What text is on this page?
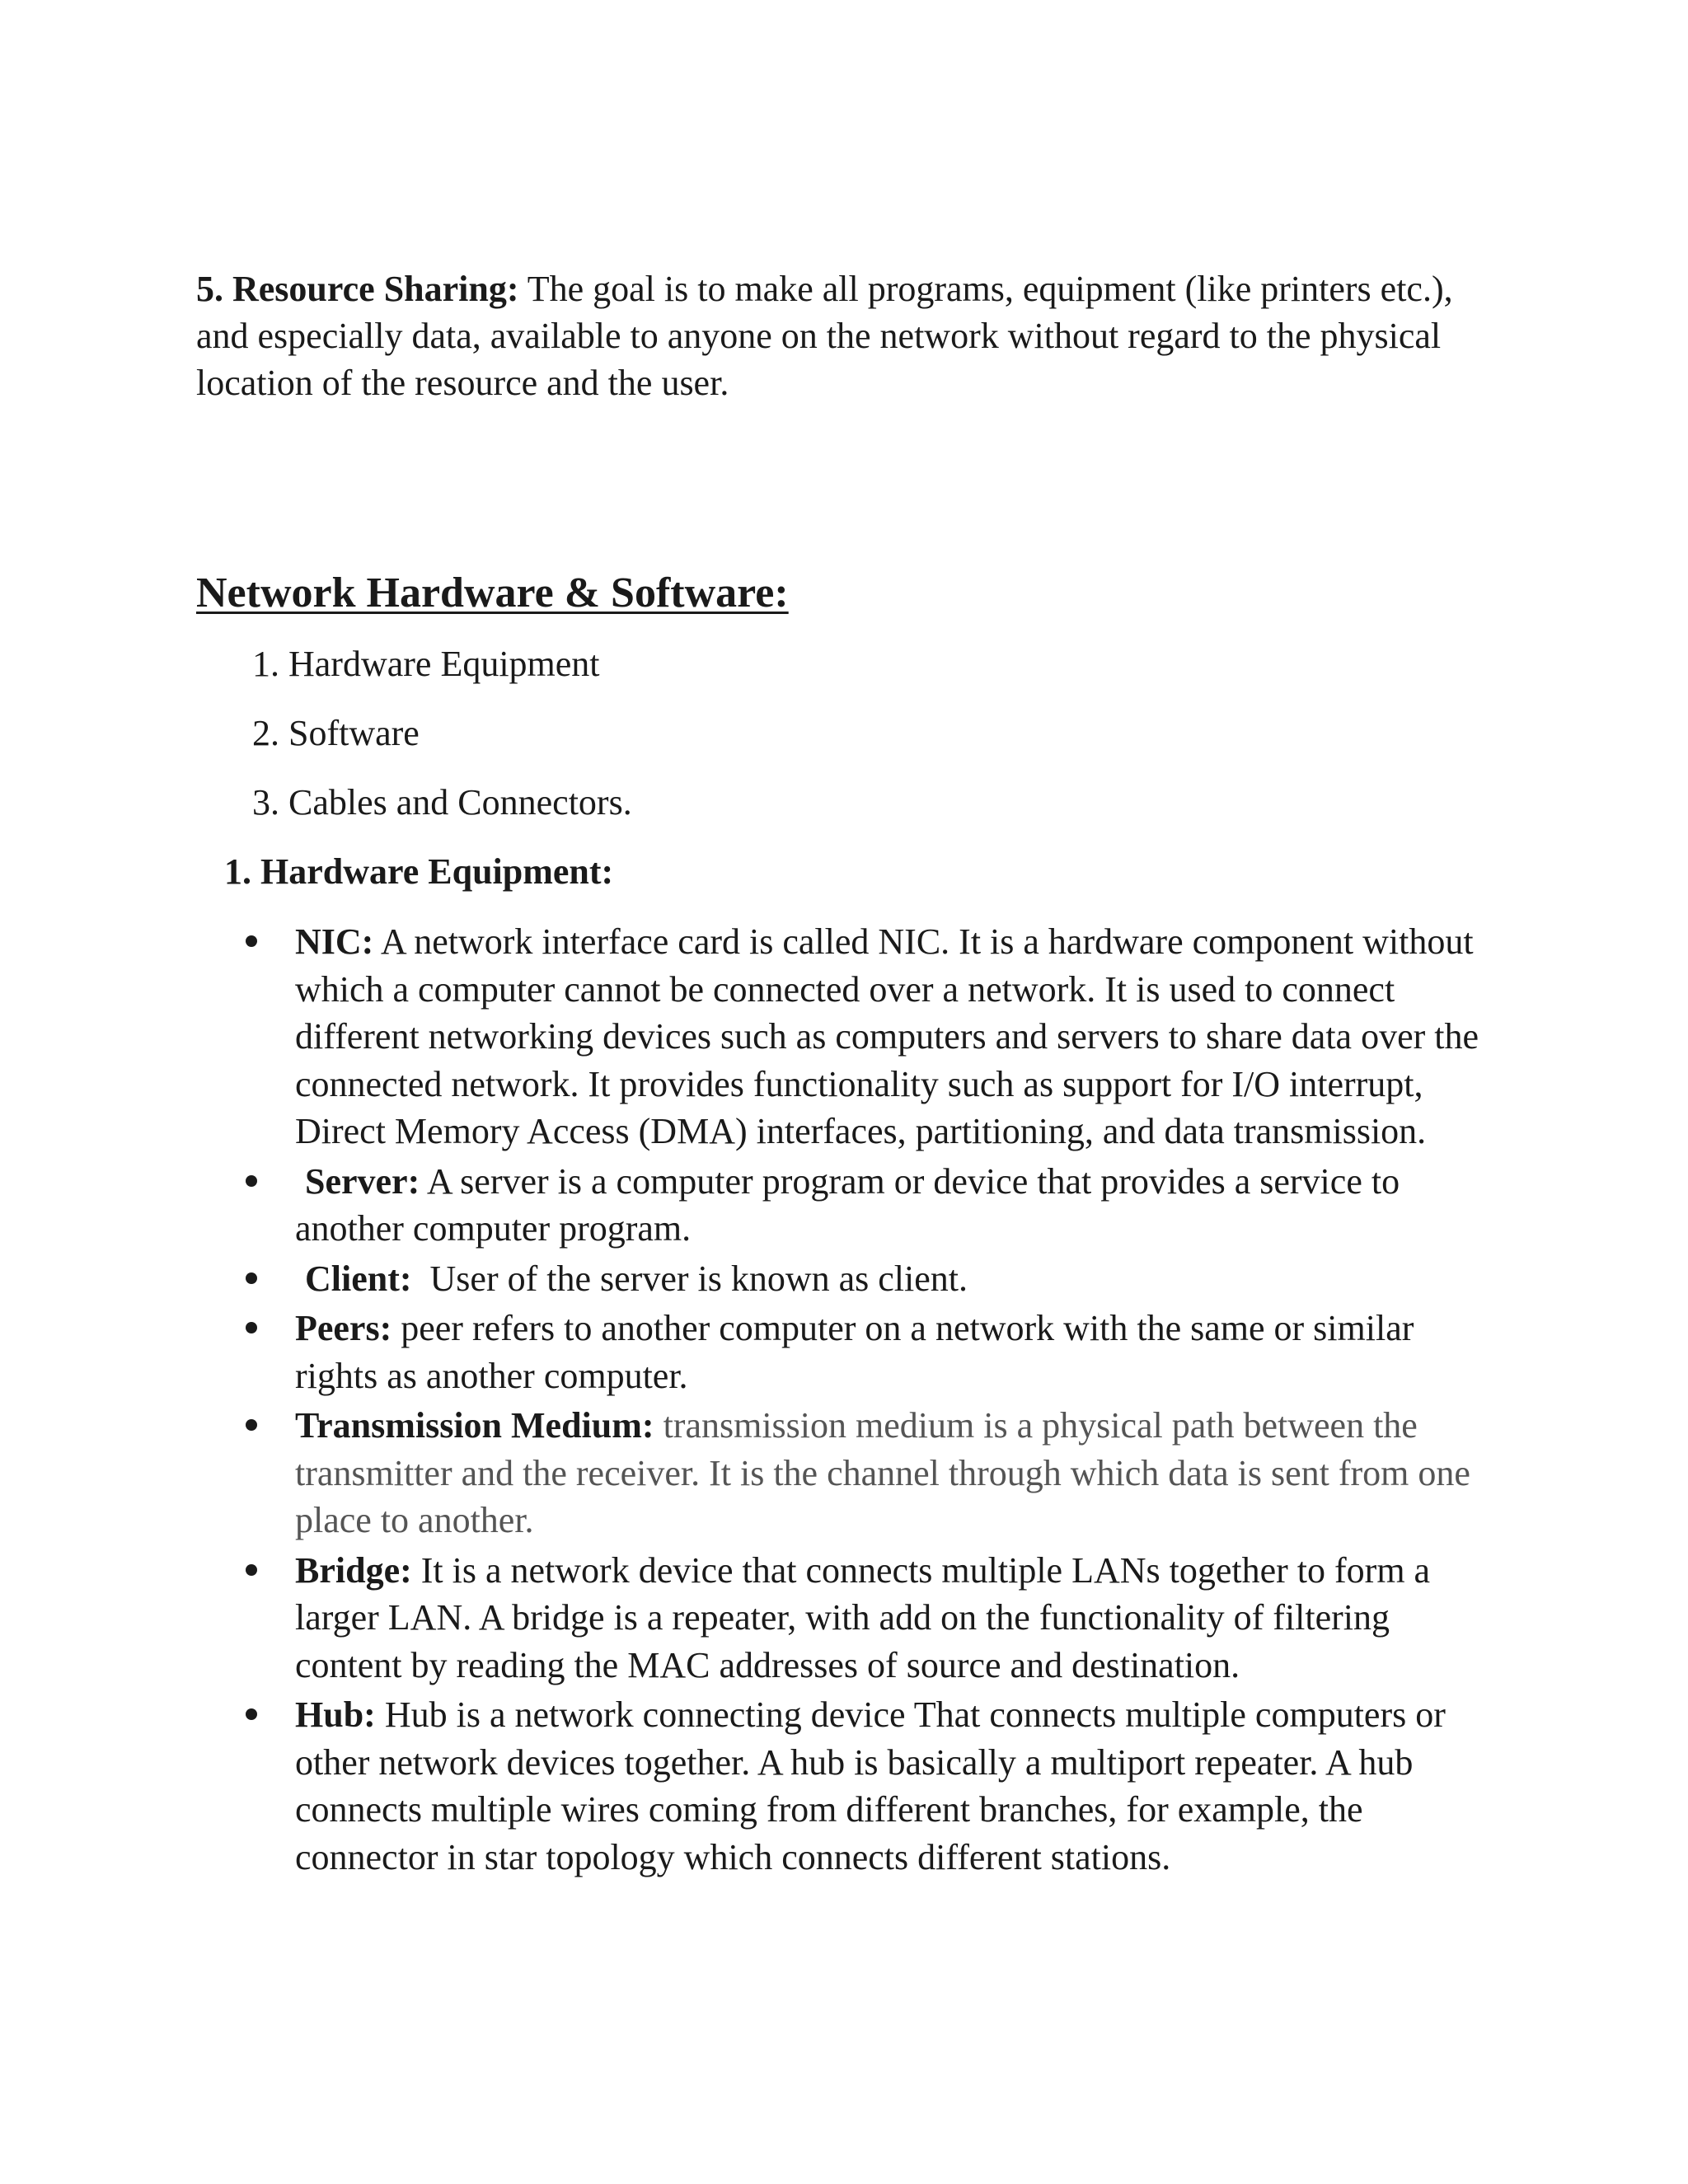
5. Resource Sharing: The goal is to make all programs, equipment (like printers etc.), and especially data, available to anyone on the network without regard to the physical location of the resource and the user.
Network Hardware & Software:
1. Hardware Equipment
2. Software
3. Cables and Connectors.
1. Hardware Equipment:
NIC: A network interface card is called NIC. It is a hardware component without which a computer cannot be connected over a network. It is used to connect different networking devices such as computers and servers to share data over the connected network. It provides functionality such as support for I/O interrupt, Direct Memory Access (DMA) interfaces, partitioning, and data transmission.
Server: A server is a computer program or device that provides a service to another computer program.
Client:  User of the server is known as client.
Peers: peer refers to another computer on a network with the same or similar rights as another computer.
Transmission Medium: transmission medium is a physical path between the transmitter and the receiver. It is the channel through which data is sent from one place to another.
Bridge: It is a network device that connects multiple LANs together to form a larger LAN. A bridge is a repeater, with add on the functionality of filtering content by reading the MAC addresses of source and destination.
Hub: Hub is a network connecting device That connects multiple computers or other network devices together. A hub is basically a multiport repeater. A hub connects multiple wires coming from different branches, for example, the connector in star topology which connects different stations.
